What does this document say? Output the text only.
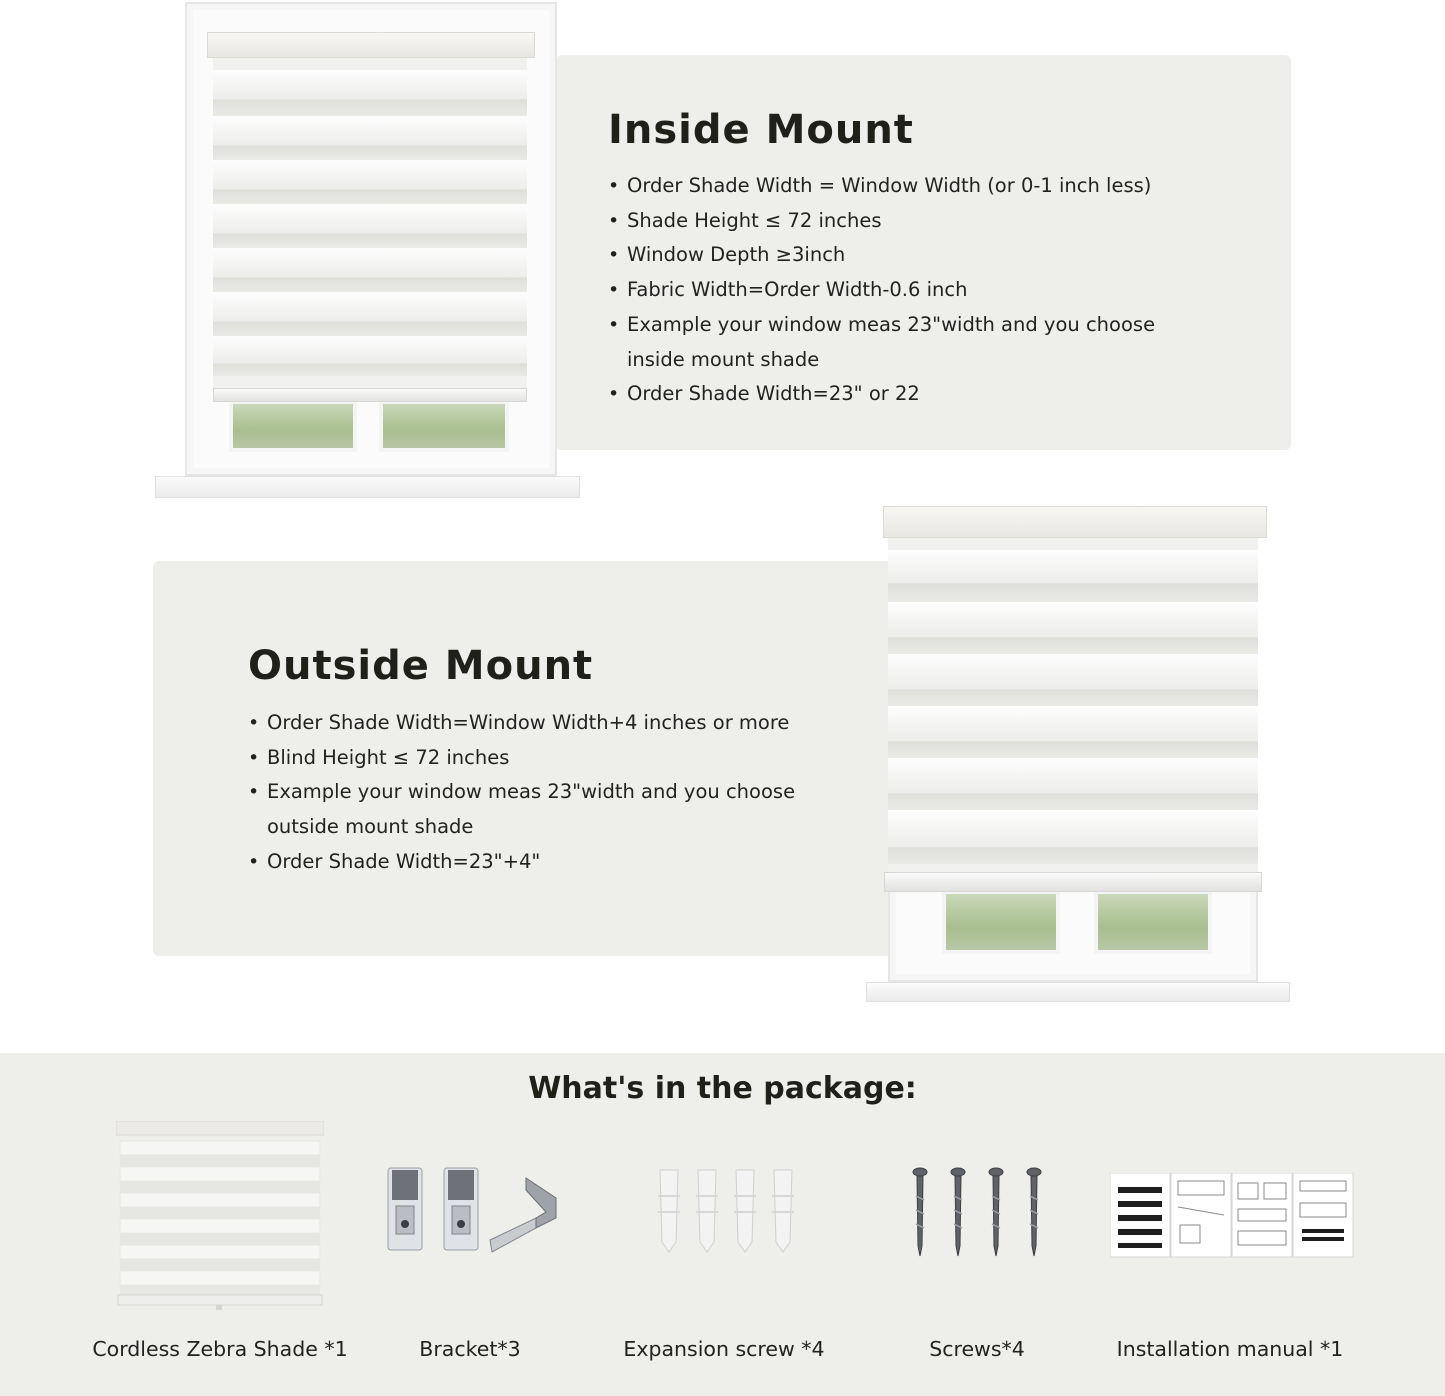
Inside Mount
• Order Shade Width = Window Width (or 0-1 inch less)
• Shade Height ≤ 72 inches
• Window Depth ≥3inch
• Fabric Width=Order Width-0.6 inch
• Example your window meas 23"width and you choose
inside mount shade
• Order Shade Width=23" or 22
Outside Mount
• Order Shade Width=Window Width+4 inches or more
• Blind Height ≤ 72 inches
• Example your window meas 23"width and you choose
outside mount shade
• Order Shade Width=23"+4"
What's in the package:
Cordless Zebra Shade *1	Bracket*3	Expansion screw *4	Screws*4	Installation manual *1
